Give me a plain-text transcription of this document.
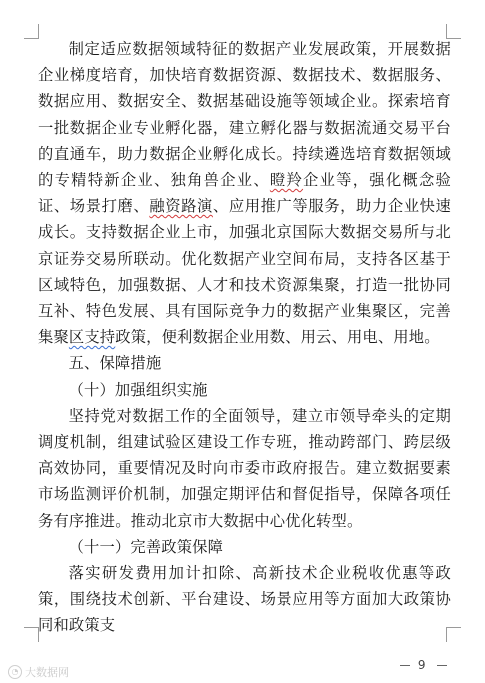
制定适应数据领域特征的数据产业发展政策，开展数据企业梯度培育，加快培育数据资源、数据技术、数据服务、数据应用、数据安全、数据基础设施等领域企业。探索培育一批数据企业专业孵化器，建立孵化器与数据流通交易平台的直通车，助力数据企业孵化成长。持续遴选培育数据领域的专精特新企业、独角兽企业、瞪羚企业等，强化概念验证、场景打磨、融资路演、应用推广等服务，助力企业快速成长。支持数据企业上市，加强北京国际大数据交易所与北京证券交易所联动。优化数据产业空间布局，支持各区基于区域特色，加强数据、人才和技术资源集聚，打造一批协同互补、特色发展、具有国际竞争力的数据产业集聚区，完善集聚区支持政策，便利数据企业用数、用云、用电、用地。

五、保障措施

（十）加强组织实施

坚持党对数据工作的全面领导，建立市领导牵头的定期调度机制，组建试验区建设工作专班，推动跨部门、跨层级高效协同，重要情况及时向市委市政府报告。建立数据要素市场监测评价机制，加强定期评估和督促指导，保障各项任务有序推进。推动北京市大数据中心优化转型。

（十一）完善政策保障

落实研发费用加计扣除、高新技术企业税收优惠等政策，围绕技术创新、平台建设、场景应用等方面加大政策协同和政策支

9
◔ 大数据网
